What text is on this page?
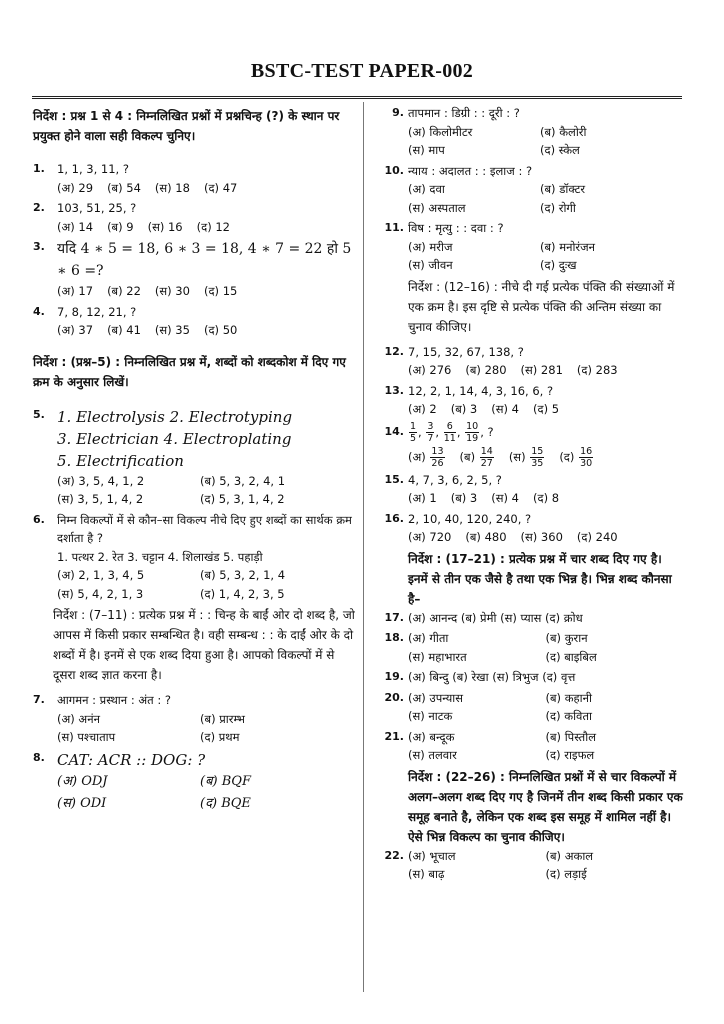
BSTC-TEST PAPER-002
निर्देश : प्रश्न 1 से 4 : निम्नलिखित प्रश्नों में प्रश्नचिन्ह (?) के स्थान पर प्रयुक्त होने वाला सही विकल्प चुनिए।
1.	1, 1, 3, 11, ?
(अ) 29 (ब) 54 (स) 18 (द) 47
2.	103, 51, 25, ?
(अ) 14 (ब) 9 (स) 16 (द) 12
3. यदि 4 ∗ 5 = 18, 6 ∗ 3 = 18, 4 ∗ 7 = 22 हो 5 ∗ 6 =?
(अ) 17 (ब) 22 (स) 30 (द) 15
4.	7, 8, 12, 21, ?
(अ) 37 (ब) 41 (स) 35 (द) 50
निर्देश : (प्रश्न–5) : निम्नलिखित प्रश्न में, शब्दों को शब्दकोश में दिए गए क्रम के अनुसार लिखें।
5. 1. Electrolysis 2. Electrotyping
3. Electrician 4. Electroplating
5. Electrification
(अ) 3, 5, 4, 1, 2	(ब) 5, 3, 2, 4, 1
(स) 3, 5, 1, 4, 2	(द) 5, 3, 1, 4, 2
6.	निम्न विकल्पों में से कौन–सा विकल्प नीचे दिए हुए शब्दों का सार्थक क्रम दर्शाता है ?
1. पत्थर 2. रेत 3. चट्टान 4. शिलाखंड 5. पहाड़ी
(अ) 2, 1, 3, 4, 5	(ब) 5, 3, 2, 1, 4
(स) 5, 4, 2, 1, 3	(द) 1, 4, 2, 3, 5
निर्देश : (7–11) : प्रत्येक प्रश्न में : : चिन्ह के बाईं ओर दो शब्द है, जो आपस में किसी प्रकार सम्बन्धित है। वही सम्बन्ध : : के दाईं ओर के दो शब्दों में है। इनमें से एक शब्द दिया हुआ है। आपको विकल्पों में से दूसरा शब्द ज्ञात करना है।
7.	आगमन : प्रस्थान : अंत : ?
(अ) अनंन	(ब) प्रारम्भ
(स) पश्चाताप	(द) प्रथम
8. CAT: ACR :: DOG: ?
(अ) ODJ	(ब) BQF
(स) ODI	(द) BQE
9. तापमान : डिग्री : : दूरी : ?
(अ) किलोमीटर	(ब) कैलोरी
(स) माप	(द) स्केल
10. न्याय : अदालत : : इलाज : ?
(अ) दवा	(ब) डॉक्टर
(स) अस्पताल	(द) रोगी
11. विष : मृत्यु : : दवा : ?
(अ) मरीज	(ब) मनोरंजन
(स) जीवन	(द) दुःख
निर्देश : (12–16) : नीचे दी गई प्रत्येक पंक्ति की संख्याओं में एक क्रम है। इस दृष्टि से प्रत्येक पंक्ति की अन्तिम संख्या का चुनाव कीजिए।
12. 7, 15, 32, 67, 138, ?
(अ) 276 (ब) 280 (स) 281 (द) 283
13. 12, 2, 1, 14, 4, 3, 16, 6, ?
(अ) 2 (ब) 3 (स) 4 (द) 5
14. $\frac{1}{5}$ , $\frac{3}{7}$ , $\frac{6}{11}$ , $\frac{10}{19}$ , ?
(अ) $\frac{13}{26}$ (ब) $\frac{14}{27}$ (स) $\frac{15}{35}$ (द) $\frac{16}{30}$
15. 4, 7, 3, 6, 2, 5, ?
(अ) 1 (ब) 3 (स) 4 (द) 8
16. 2, 10, 40, 120, 240, ?
(अ) 720 (ब) 480 (स) 360 (द) 240
निर्देश : (17–21) : प्रत्येक प्रश्न में चार शब्द दिए गए है। इनमें से तीन एक जैसे है तथा एक भिन्न है। भिन्न शब्द कौनसा है–
17. (अ) आनन्द (ब) प्रेमी (स) प्यास (द) क्रोध
18. (अ) गीता	(ब) कुरान
(स) महाभारत	(द) बाइबिल
19. (अ) बिन्दु (ब) रेखा (स) त्रिभुज (द) वृत्त
20. (अ) उपन्यास	(ब) कहानी
(स) नाटक	(द) कविता
21. (अ) बन्दूक	(ब) पिस्तौल
(स) तलवार	(द) राइफल
निर्देश : (22–26) : निम्नलिखित प्रश्नों में से चार विकल्पों में अलग–अलग शब्द दिए गए है जिनमें तीन शब्द किसी प्रकार एक समूह बनाते है, लेकिन एक शब्द इस समूह में शामिल नहीं है। ऐसे भिन्न विकल्प का चुनाव कीजिए।
22. (अ) भूचाल	(ब) अकाल
(स) बाढ़	(द) लड़ाई
